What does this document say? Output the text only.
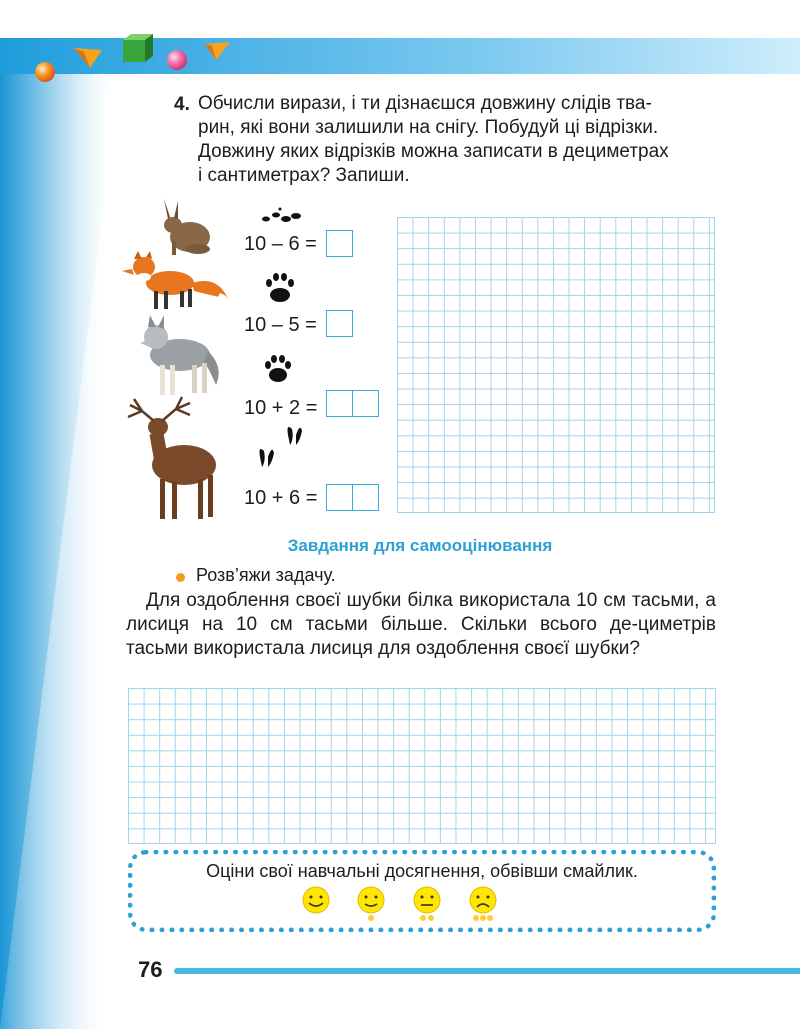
4. Обчисли вирази, і ти дізнаєшся довжину слідів тва-
рин, які вони залишили на снігу. Побудуй ці відрізки.
Довжину яких відрізків можна записати в дециметрах
і сантиметрах? Запиши.
10 – 6 =
10 – 5 =
10 + 2 =
10 + 6 =
Завдання для самооцінювання
Розв’яжи задачу.
Для оздоблення своєї шубки білка використала 10 см тасьми, а лисиця на 10 см тасьми більше. Скільки всього де-циметрів тасьми використала лисиця для оздоблення своєї шубки?
Оціни свої навчальні досягнення, обвівши смайлик.
76
